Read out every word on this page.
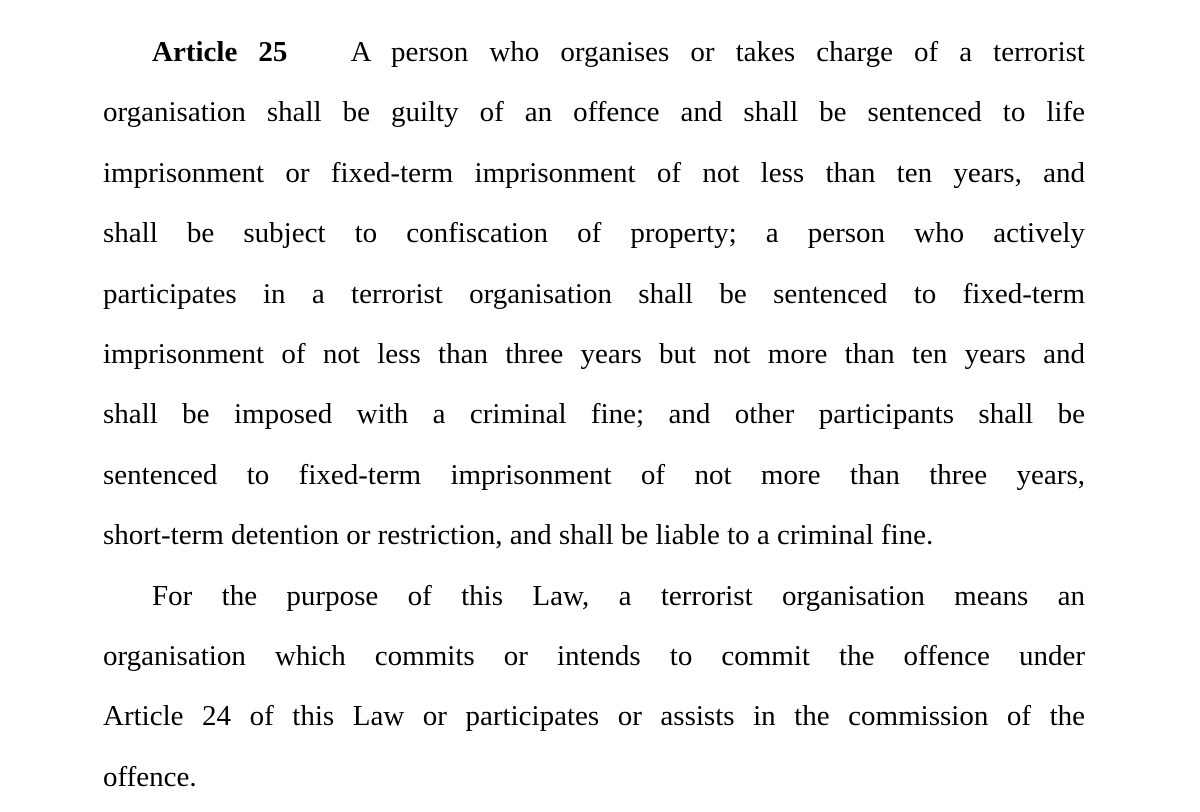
Article 25 A person who organises or takes charge of a terrorist
organisation shall be guilty of an offence and shall be sentenced to life
imprisonment or fixed-term imprisonment of not less than ten years, and
shall be subject to confiscation of property; a person who actively
participates in a terrorist organisation shall be sentenced to fixed-term
imprisonment of not less than three years but not more than ten years and
shall be imposed with a criminal fine; and other participants shall be
sentenced to fixed-term imprisonment of not more than three years,
short-term detention or restriction, and shall be liable to a criminal fine.
For the purpose of this Law, a terrorist organisation means an
organisation which commits or intends to commit the offence under
Article 24 of this Law or participates or assists in the commission of the
offence.
